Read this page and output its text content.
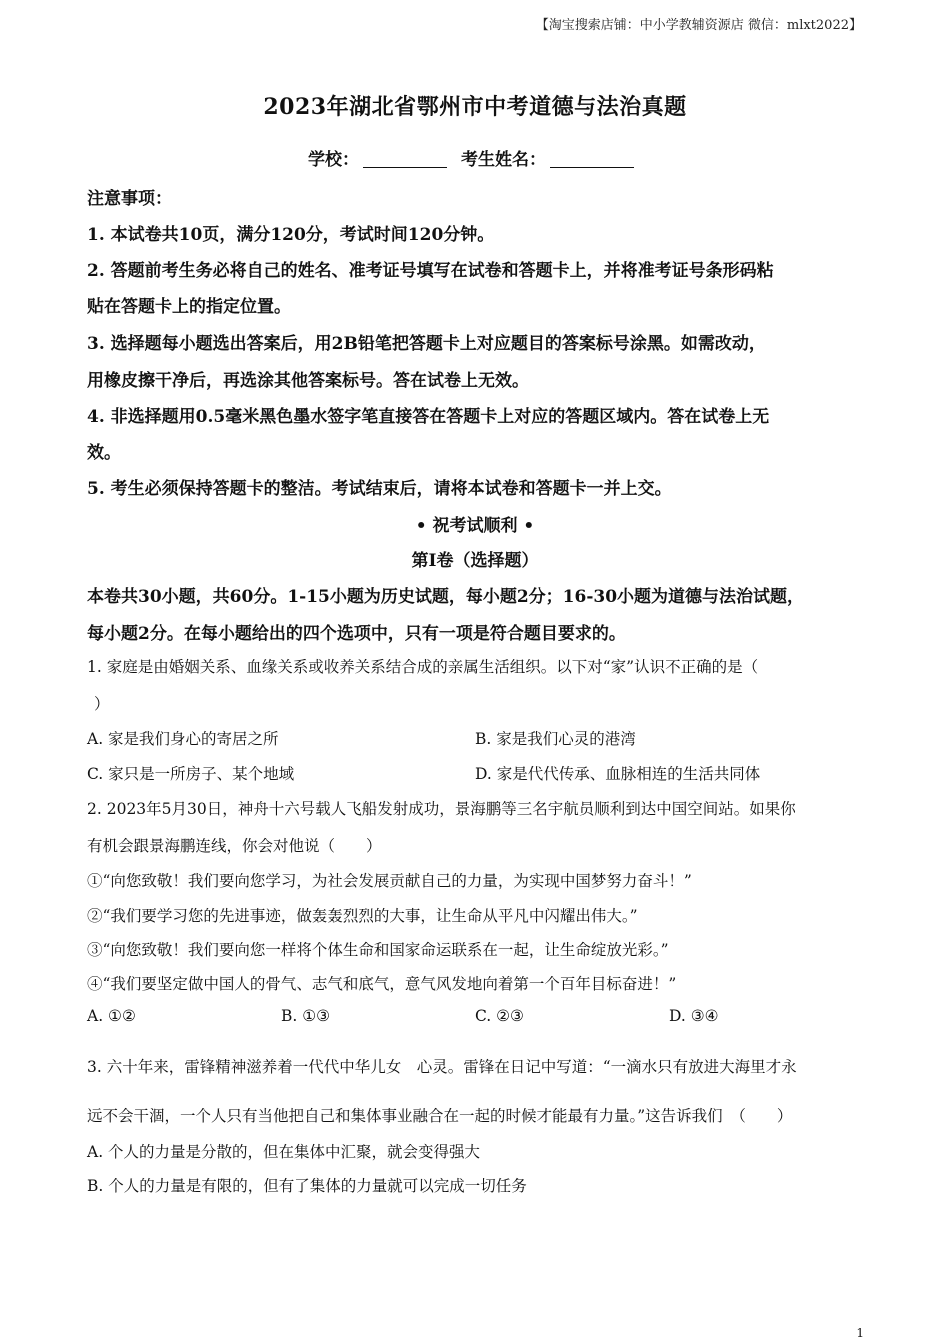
【淘宝搜索店铺：中小学教辅资源店 微信：mlxt2022】
2023年湖北省鄂州市中考道德与法治真题
学校：	考生姓名：
注意事项：
1. 本试卷共10页，满分120分，考试时间120分钟。
2. 答题前考生务必将自己的姓名、准考证号填写在试卷和答题卡上，并将准考证号条形码粘
贴在答题卡上的指定位置。
3. 选择题每小题选出答案后，用2B铅笔把答题卡上对应题目的答案标号涂黑。如需改动，
用橡皮擦干净后，再选涂其他答案标号。答在试卷上无效。
4. 非选择题用0.5毫米黑色墨水签字笔直接答在答题卡上对应的答题区域内。答在试卷上无
效。
5. 考生必须保持答题卡的整洁。考试结束后，请将本试卷和答题卡一并上交。
• 祝考试顺利 •
第Ⅰ卷（选择题）
本卷共30小题，共60分。1-15小题为历史试题，每小题2分；16-30小题为道德与法治试题，
每小题2分。在每小题给出的四个选项中，只有一项是符合题目要求的。
1. 家庭是由婚姻关系、血缘关系或收养关系结合成的亲属生活组织。以下对“家”认识不正确的是（
）
A. 家是我们身心的寄居之所	B. 家是我们心灵的港湾
C. 家只是一所房子、某个地域	D. 家是代代传承、血脉相连的生活共同体
2. 2023年5月30日，神舟十六号载人飞船发射成功，景海鹏等三名宇航员顺利到达中国空间站。如果你
有机会跟景海鹏连线，你会对他说（　　）
①“向您致敬！我们要向您学习，为社会发展贡献自己的力量，为实现中国梦努力奋斗！”
②“我们要学习您的先进事迹，做轰轰烈烈的大事，让生命从平凡中闪耀出伟大。”
③“向您致敬！我们要向您一样将个体生命和国家命运联系在一起，让生命绽放光彩。”
④“我们要坚定做中国人的骨气、志气和底气，意气风发地向着第一个百年目标奋进！”
A. ①②	B. ①③	C. ②③	D. ③④
3. 六十年来，雷锋精神滋养着一代代中华儿女　心灵。雷锋在日记中写道：“一滴水只有放进大海里才永
远不会干涸，一个人只有当他把自己和集体事业融合在一起的时候才能最有力量。”这告诉我们　（　　）
A. 个人的力量是分散的，但在集体中汇聚，就会变得强大
B. 个人的力量是有限的，但有了集体的力量就可以完成一切任务
1
